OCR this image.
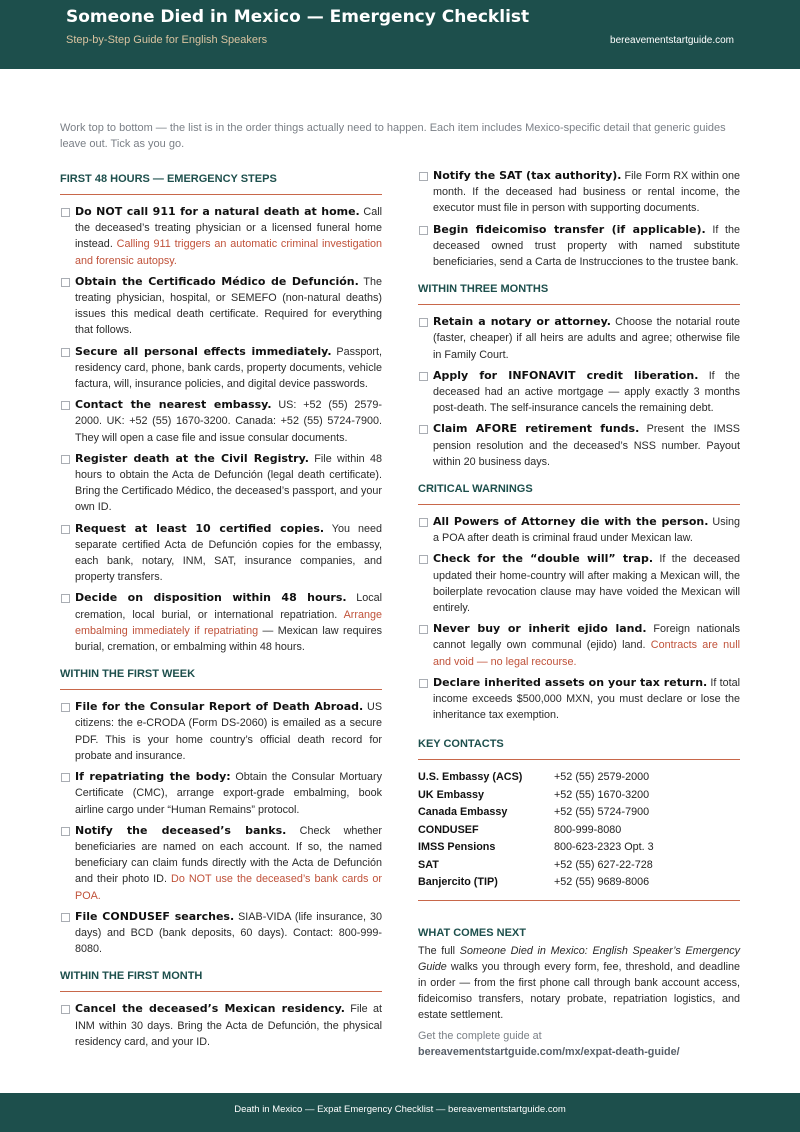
Someone Died in Mexico — Emergency Checklist
Step-by-Step Guide for English Speakers	bereavementstartguide.com
Work top to bottom — the list is in the order things actually need to happen. Each item includes Mexico-specific detail that generic guides leave out. Tick as you go.
FIRST 48 HOURS — EMERGENCY STEPS
Do NOT call 911 for a natural death at home. Call the deceased’s treating physician or a licensed funeral home instead. Calling 911 triggers an automatic criminal investigation and forensic autopsy.
Obtain the Certificado Médico de Defunción. The treating physician, hospital, or SEMEFO (non-natural deaths) issues this medical death certificate. Required for everything that follows.
Secure all personal effects immediately. Passport, residency card, phone, bank cards, property documents, vehicle factura, will, insurance policies, and digital device passwords.
Contact the nearest embassy. US: +52 (55) 2579-2000. UK: +52 (55) 1670-3200. Canada: +52 (55) 5724-7900. They will open a case file and issue consular documents.
Register death at the Civil Registry. File within 48 hours to obtain the Acta de Defunción (legal death certificate). Bring the Certificado Médico, the deceased’s passport, and your own ID.
Request at least 10 certified copies. You need separate certified Acta de Defunción copies for the embassy, each bank, notary, INM, SAT, insurance companies, and property transfers.
Decide on disposition within 48 hours. Local cremation, local burial, or international repatriation. Arrange embalming immediately if repatriating — Mexican law requires burial, cremation, or embalming within 48 hours.
WITHIN THE FIRST WEEK
File for the Consular Report of Death Abroad. US citizens: the e-CRODA (Form DS-2060) is emailed as a secure PDF. This is your home country’s official death record for probate and insurance.
If repatriating the body: Obtain the Consular Mortuary Certificate (CMC), arrange export-grade embalming, book airline cargo under “Human Remains” protocol.
Notify the deceased’s banks. Check whether beneficiaries are named on each account. If so, the named beneficiary can claim funds directly with the Acta de Defunción and their photo ID. Do NOT use the deceased’s bank cards or POA.
File CONDUSEF searches. SIAB-VIDA (life insurance, 30 days) and BCD (bank deposits, 60 days). Contact: 800-999-8080.
WITHIN THE FIRST MONTH
Cancel the deceased’s Mexican residency. File at INM within 30 days. Bring the Acta de Defunción, the physical residency card, and your ID.
Notify the SAT (tax authority). File Form RX within one month. If the deceased had business or rental income, the executor must file in person with supporting documents.
Begin fideicomiso transfer (if applicable). If the deceased owned trust property with named substitute beneficiaries, send a Carta de Instrucciones to the trustee bank.
WITHIN THREE MONTHS
Retain a notary or attorney. Choose the notarial route (faster, cheaper) if all heirs are adults and agree; otherwise file in Family Court.
Apply for INFONAVIT credit liberation. If the deceased had an active mortgage — apply exactly 3 months post-death. The self-insurance cancels the remaining debt.
Claim AFORE retirement funds. Present the IMSS pension resolution and the deceased’s NSS number. Payout within 20 business days.
CRITICAL WARNINGS
All Powers of Attorney die with the person. Using a POA after death is criminal fraud under Mexican law.
Check for the “double will” trap. If the deceased updated their home-country will after making a Mexican will, the boilerplate revocation clause may have voided the Mexican will entirely.
Never buy or inherit ejido land. Foreign nationals cannot legally own communal (ejido) land. Contracts are null and void — no legal recourse.
Declare inherited assets on your tax return. If total income exceeds $500,000 MXN, you must declare or lose the inheritance tax exemption.
KEY CONTACTS
U.S. Embassy (ACS)	+52 (55) 2579-2000
UK Embassy	+52 (55) 1670-3200
Canada Embassy	+52 (55) 5724-7900
CONDUSEF	800-999-8080
IMSS Pensions	800-623-2323 Opt. 3
SAT	+52 (55) 627-22-728
Banjercito (TIP)	+52 (55) 9689-8006
WHAT COMES NEXT
The full Someone Died in Mexico: English Speaker’s Emergency Guide walks you through every form, fee, threshold, and deadline in order — from the first phone call through bank account access, fideicomiso transfers, notary probate, repatriation logistics, and estate settlement.
Get the complete guide at
bereavementstartguide.com/mx/expat-death-guide/
Death in Mexico — Expat Emergency Checklist — bereavementstartguide.com
